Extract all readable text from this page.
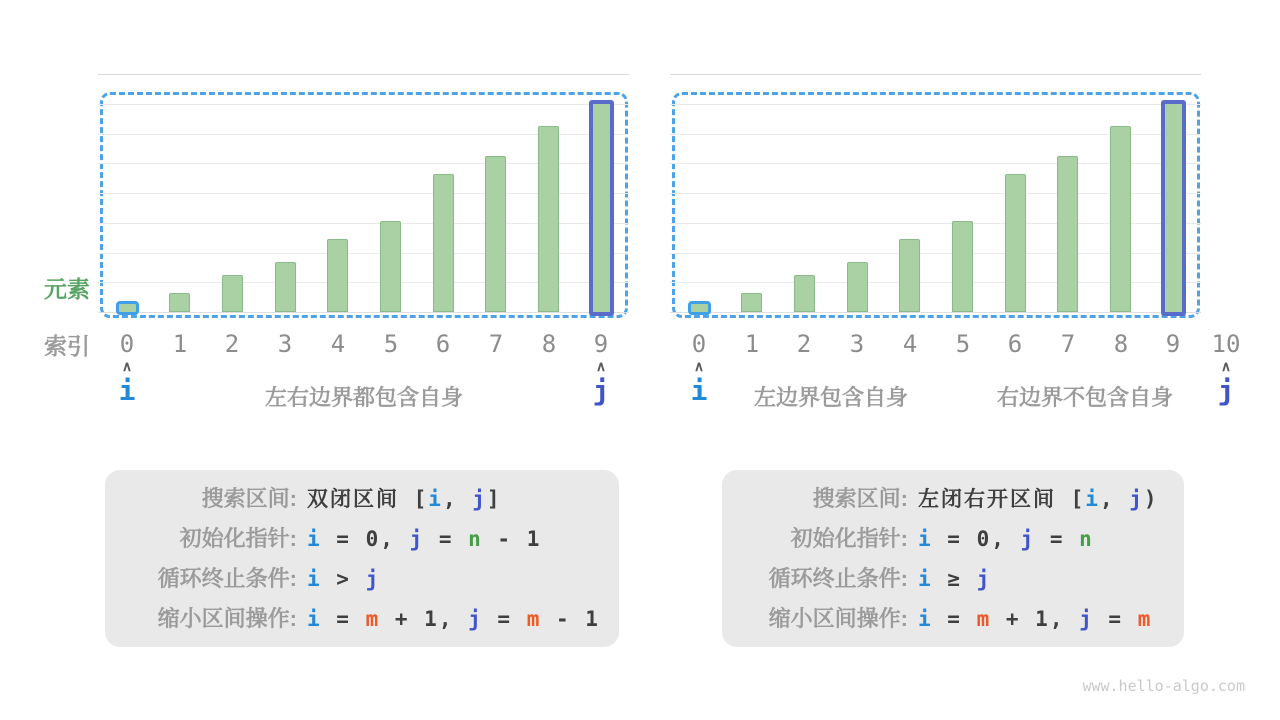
元素
索引
∧	∧
i	j
左右边界都包含自身
∧	∧
i	j
左边界包含自身	右边界不包含自身
搜索区间: 双闭区间 [i, j]
初始化指针: i = 0, j = n - 1
循环终止条件: i > j
缩小区间操作: i = m + 1, j = m - 1
搜索区间: 左闭右开区间 [i, j)
初始化指针: i = 0, j = n
循环终止条件: i ≥ j
缩小区间操作: i = m + 1, j = m
www.hello-algo.com
0	1	2	3	4	5	6	7	8	9	0	1	2	3	4	5	6	7	8	9	10
